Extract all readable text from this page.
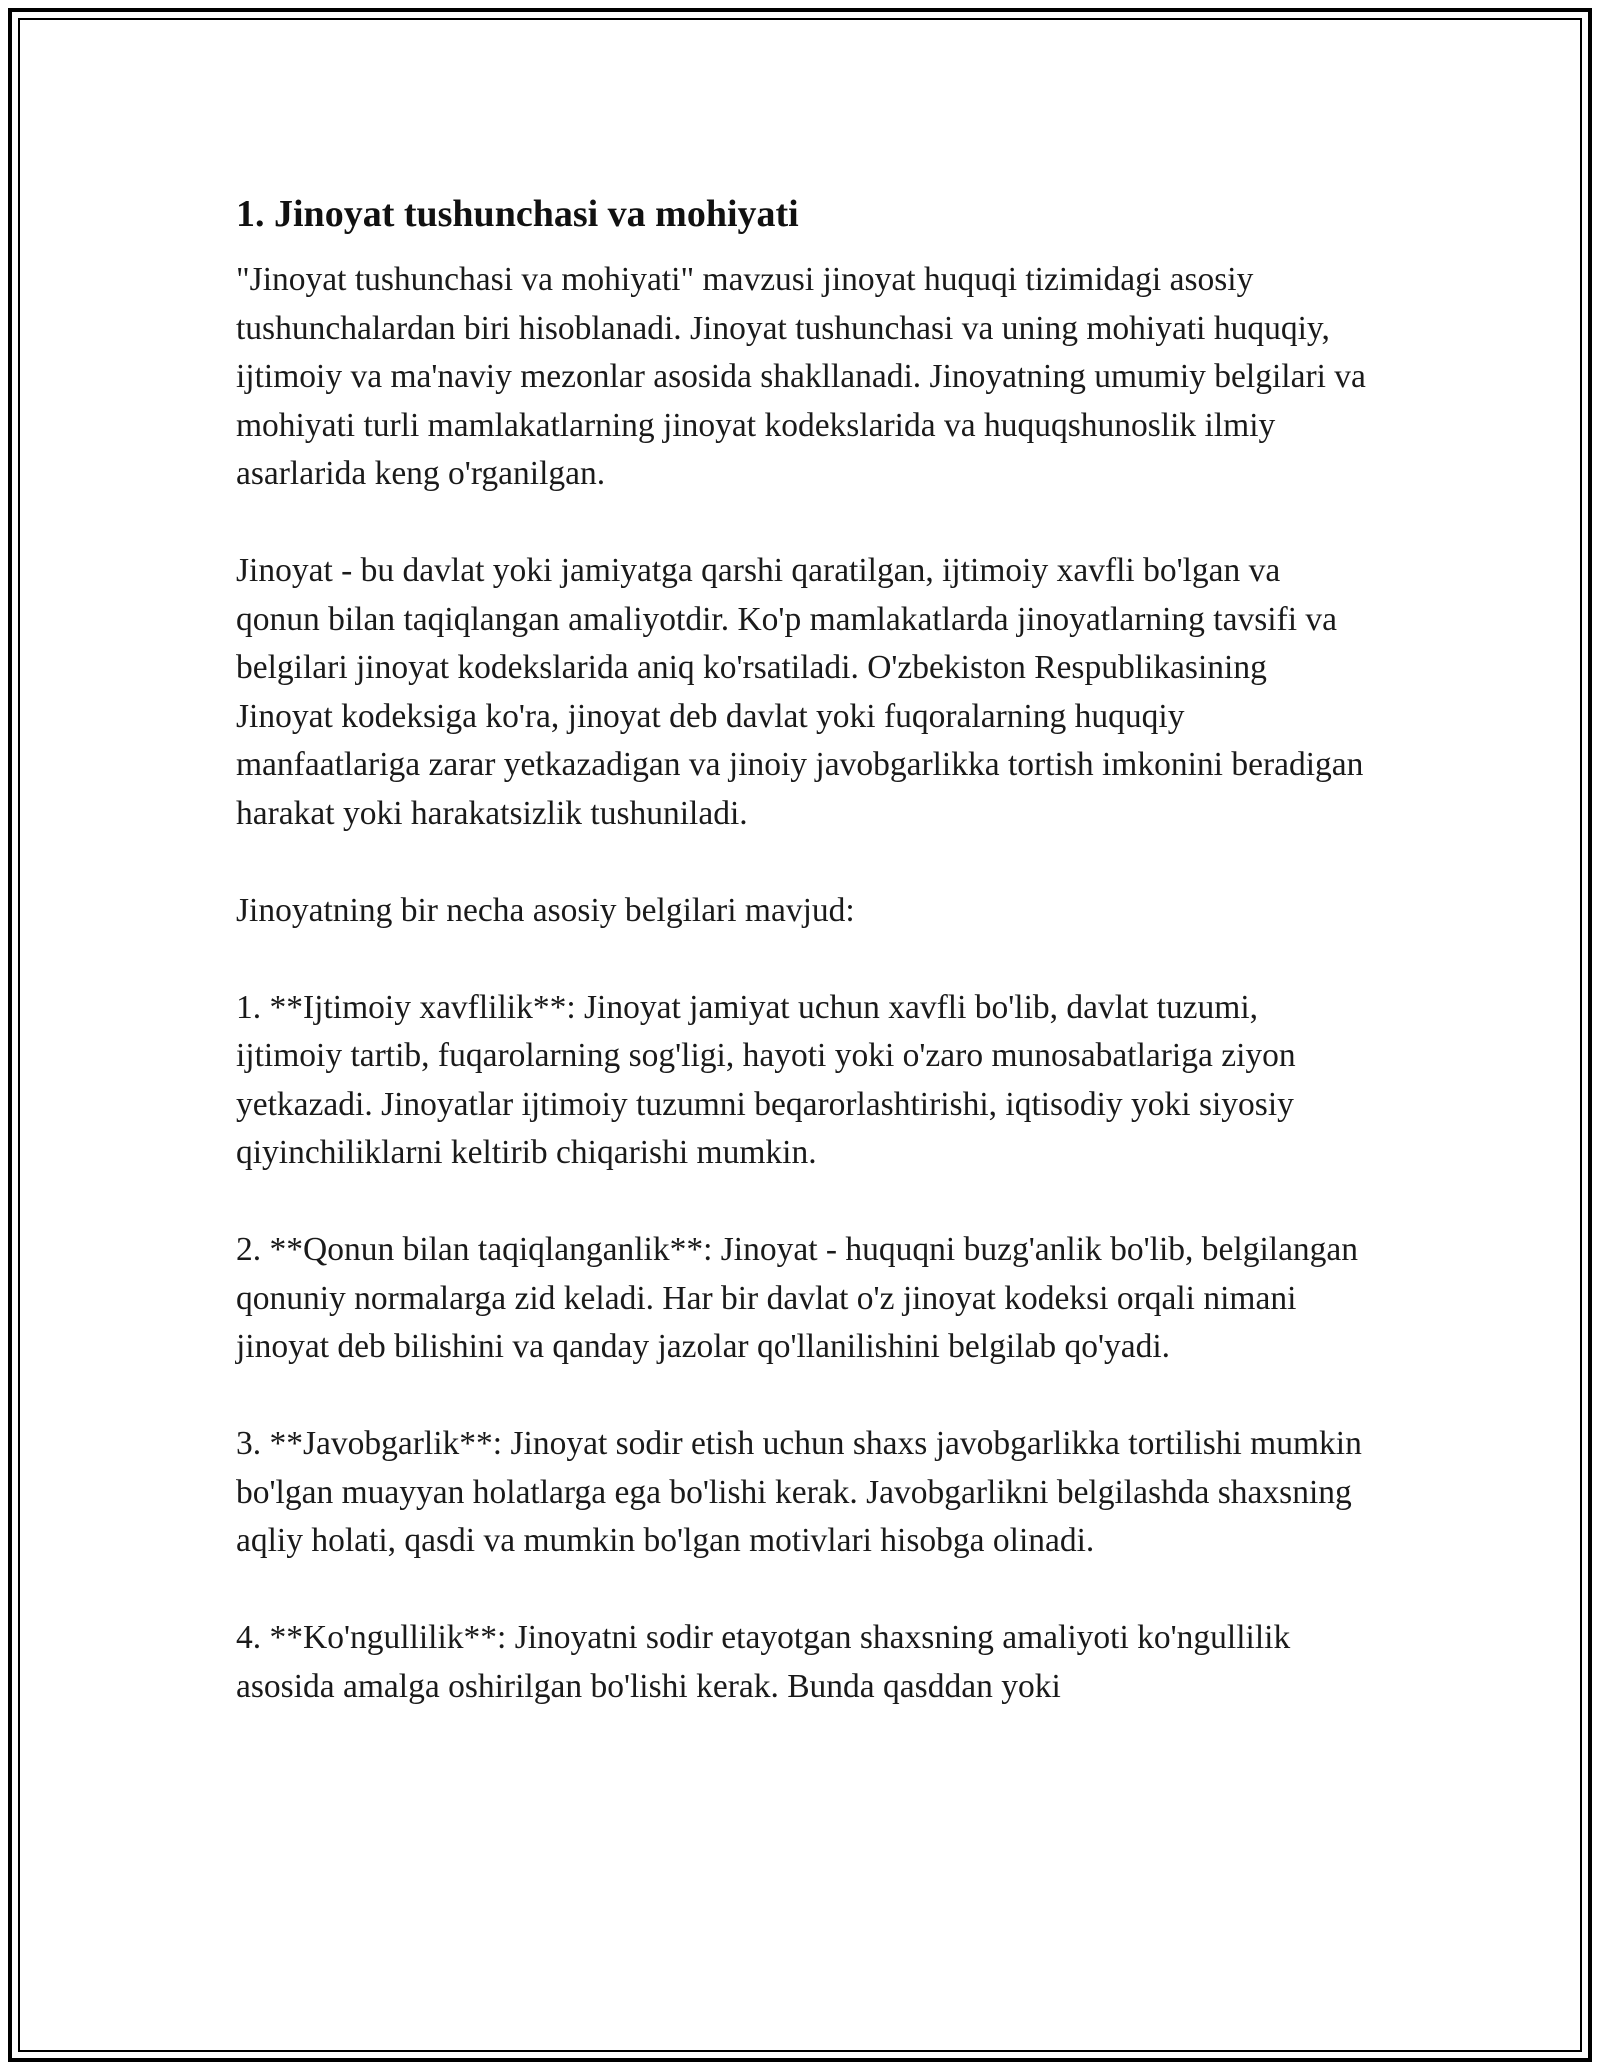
1. Jinoyat tushunchasi va mohiyati

"Jinoyat tushunchasi va mohiyati" mavzusi jinoyat huquqi tizimidagi asosiy tushunchalardan biri hisoblanadi. Jinoyat tushunchasi va uning mohiyati huquqiy, ijtimoiy va ma'naviy mezonlar asosida shakllanadi. Jinoyatning umumiy belgilari va mohiyati turli mamlakatlarning jinoyat kodekslarida va huquqshunoslik ilmiy asarlarida keng o'rganilgan.

Jinoyat - bu davlat yoki jamiyatga qarshi qaratilgan, ijtimoiy xavfli bo'lgan va qonun bilan taqiqlangan amaliyotdir. Ko'p mamlakatlarda jinoyatlarning tavsifi va belgilari jinoyat kodekslarida aniq ko'rsatiladi. O'zbekiston Respublikasining Jinoyat kodeksiga ko'ra, jinoyat deb davlat yoki fuqoralarning huquqiy manfaatlariga zarar yetkazadigan va jinoiy javobgarlikka tortish imkonini beradigan harakat yoki harakatsizlik tushuniladi.

Jinoyatning bir necha asosiy belgilari mavjud:

1. **Ijtimoiy xavflilik**: Jinoyat jamiyat uchun xavfli bo'lib, davlat tuzumi, ijtimoiy tartib, fuqarolarning sog'ligi, hayoti yoki o'zaro munosabatlariga ziyon yetkazadi. Jinoyatlar ijtimoiy tuzumni beqarorlashtirishi, iqtisodiy yoki siyosiy qiyinchiliklarni keltirib chiqarishi mumkin.

2. **Qonun bilan taqiqlanganlik**: Jinoyat - huquqni buzg'anlik bo'lib, belgilangan qonuniy normalarga zid keladi. Har bir davlat o'z jinoyat kodeksi orqali nimani jinoyat deb bilishini va qanday jazolar qo'llanilishini belgilab qo'yadi.

3. **Javobgarlik**: Jinoyat sodir etish uchun shaxs javobgarlikka tortilishi mumkin bo'lgan muayyan holatlarga ega bo'lishi kerak. Javobgarlikni belgilashda shaxsning aqliy holati, qasdi va mumkin bo'lgan motivlari hisobga olinadi.

4. **Ko'ngullilik**: Jinoyatni sodir etayotgan shaxsning amaliyoti ko'ngullilik asosida amalga oshirilgan bo'lishi kerak. Bunda qasddan yoki
